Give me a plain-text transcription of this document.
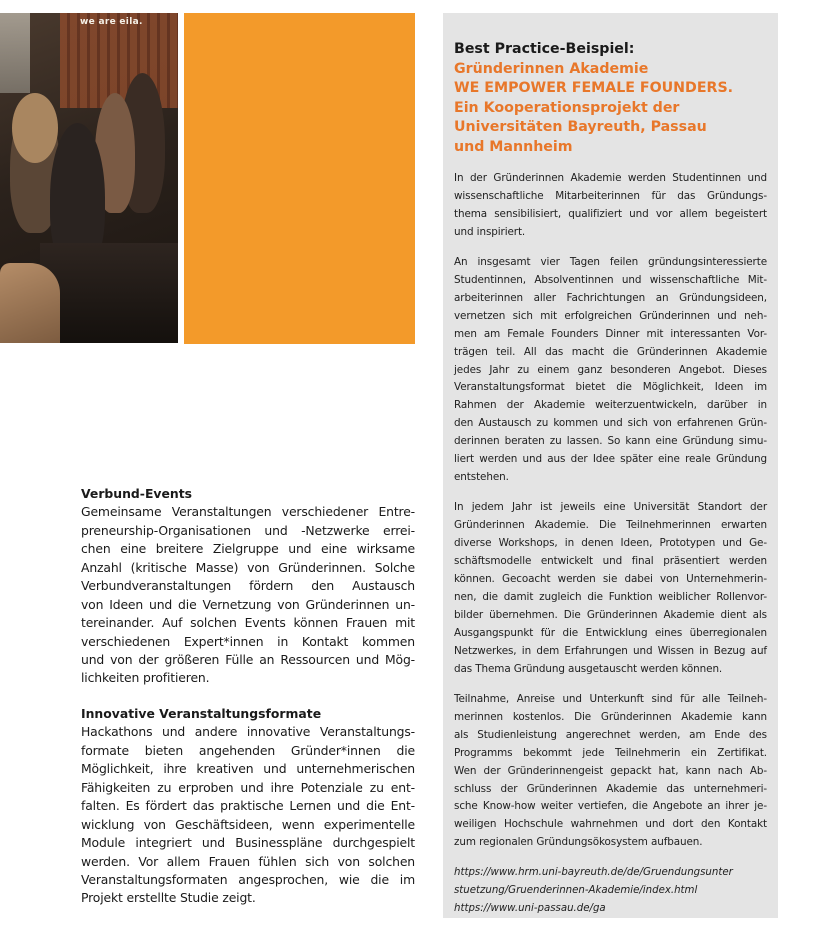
we are eila.
Verbund-Events
Gemeinsame Veranstaltungen verschiedener Entre-
preneurship-Organisationen und -Netzwerke errei-
chen eine breitere Zielgruppe und eine wirksame
Anzahl (kritische Masse) von Gründerinnen. Solche
Verbundveranstaltungen fördern den Austausch
von Ideen und die Vernetzung von Gründerinnen un-
tereinander. Auf solchen Events können Frauen mit
verschiedenen Expert*innen in Kontakt kommen
und von der größeren Fülle an Ressourcen und Mög-
lichkeiten profitieren.
Innovative Veranstaltungsformate
Hackathons und andere innovative Veranstaltungs-
formate bieten angehenden Gründer*innen die
Möglichkeit, ihre kreativen und unternehmerischen
Fähigkeiten zu erproben und ihre Potenziale zu ent-
falten. Es fördert das praktische Lernen und die Ent-
wicklung von Geschäftsideen, wenn experimentelle
Module integriert und Businesspläne durchgespielt
werden. Vor allem Frauen fühlen sich von solchen
Veranstaltungsformaten angesprochen, wie die im
Projekt erstellte Studie zeigt.
Best Practice-Beispiel:
Gründerinnen Akademie
WE EMPOWER FEMALE FOUNDERS.
Ein Kooperationsprojekt der
Universitäten Bayreuth, Passau
und Mannheim
In der Gründerinnen Akademie werden Studentinnen und
wissenschaftliche Mitarbeiterinnen für das Gründungs-
thema sensibilisiert, qualifiziert und vor allem begeistert
und inspiriert.
An insgesamt vier Tagen feilen gründungsinteressierte
Studentinnen, Absolventinnen und wissenschaftliche Mit-
arbeiterinnen aller Fachrichtungen an Gründungsideen,
vernetzen sich mit erfolgreichen Gründerinnen und neh-
men am Female Founders Dinner mit interessanten Vor-
trägen teil. All das macht die Gründerinnen Akademie
jedes Jahr zu einem ganz besonderen Angebot. Dieses
Veranstaltungsformat bietet die Möglichkeit, Ideen im
Rahmen der Akademie weiterzuentwickeln, darüber in
den Austausch zu kommen und sich von erfahrenen Grün-
derinnen beraten zu lassen. So kann eine Gründung simu-
liert werden und aus der Idee später eine reale Gründung
entstehen.
In jedem Jahr ist jeweils eine Universität Standort der
Gründerinnen Akademie. Die Teilnehmerinnen erwarten
diverse Workshops, in denen Ideen, Prototypen und Ge-
schäftsmodelle entwickelt und final präsentiert werden
können. Gecoacht werden sie dabei von Unternehmerin-
nen, die damit zugleich die Funktion weiblicher Rollenvor-
bilder übernehmen. Die Gründerinnen Akademie dient als
Ausgangspunkt für die Entwicklung eines überregionalen
Netzwerkes, in dem Erfahrungen und Wissen in Bezug auf
das Thema Gründung ausgetauscht werden können.
Teilnahme, Anreise und Unterkunft sind für alle Teilneh-
merinnen kostenlos. Die Gründerinnen Akademie kann
als Studienleistung angerechnet werden, am Ende des
Programms bekommt jede Teilnehmerin ein Zertifikat.
Wen der Gründerinnengeist gepackt hat, kann nach Ab-
schluss der Gründerinnen Akademie das unternehmeri-
sche Know-how weiter vertiefen, die Angebote an ihrer je-
weiligen Hochschule wahrnehmen und dort den Kontakt
zum regionalen Gründungsökosystem aufbauen.
https://www.hrm.uni-bayreuth.de/de/Gruendungsunter
stuetzung/Gruenderinnen-Akademie/index.html
https://www.uni-passau.de/ga
